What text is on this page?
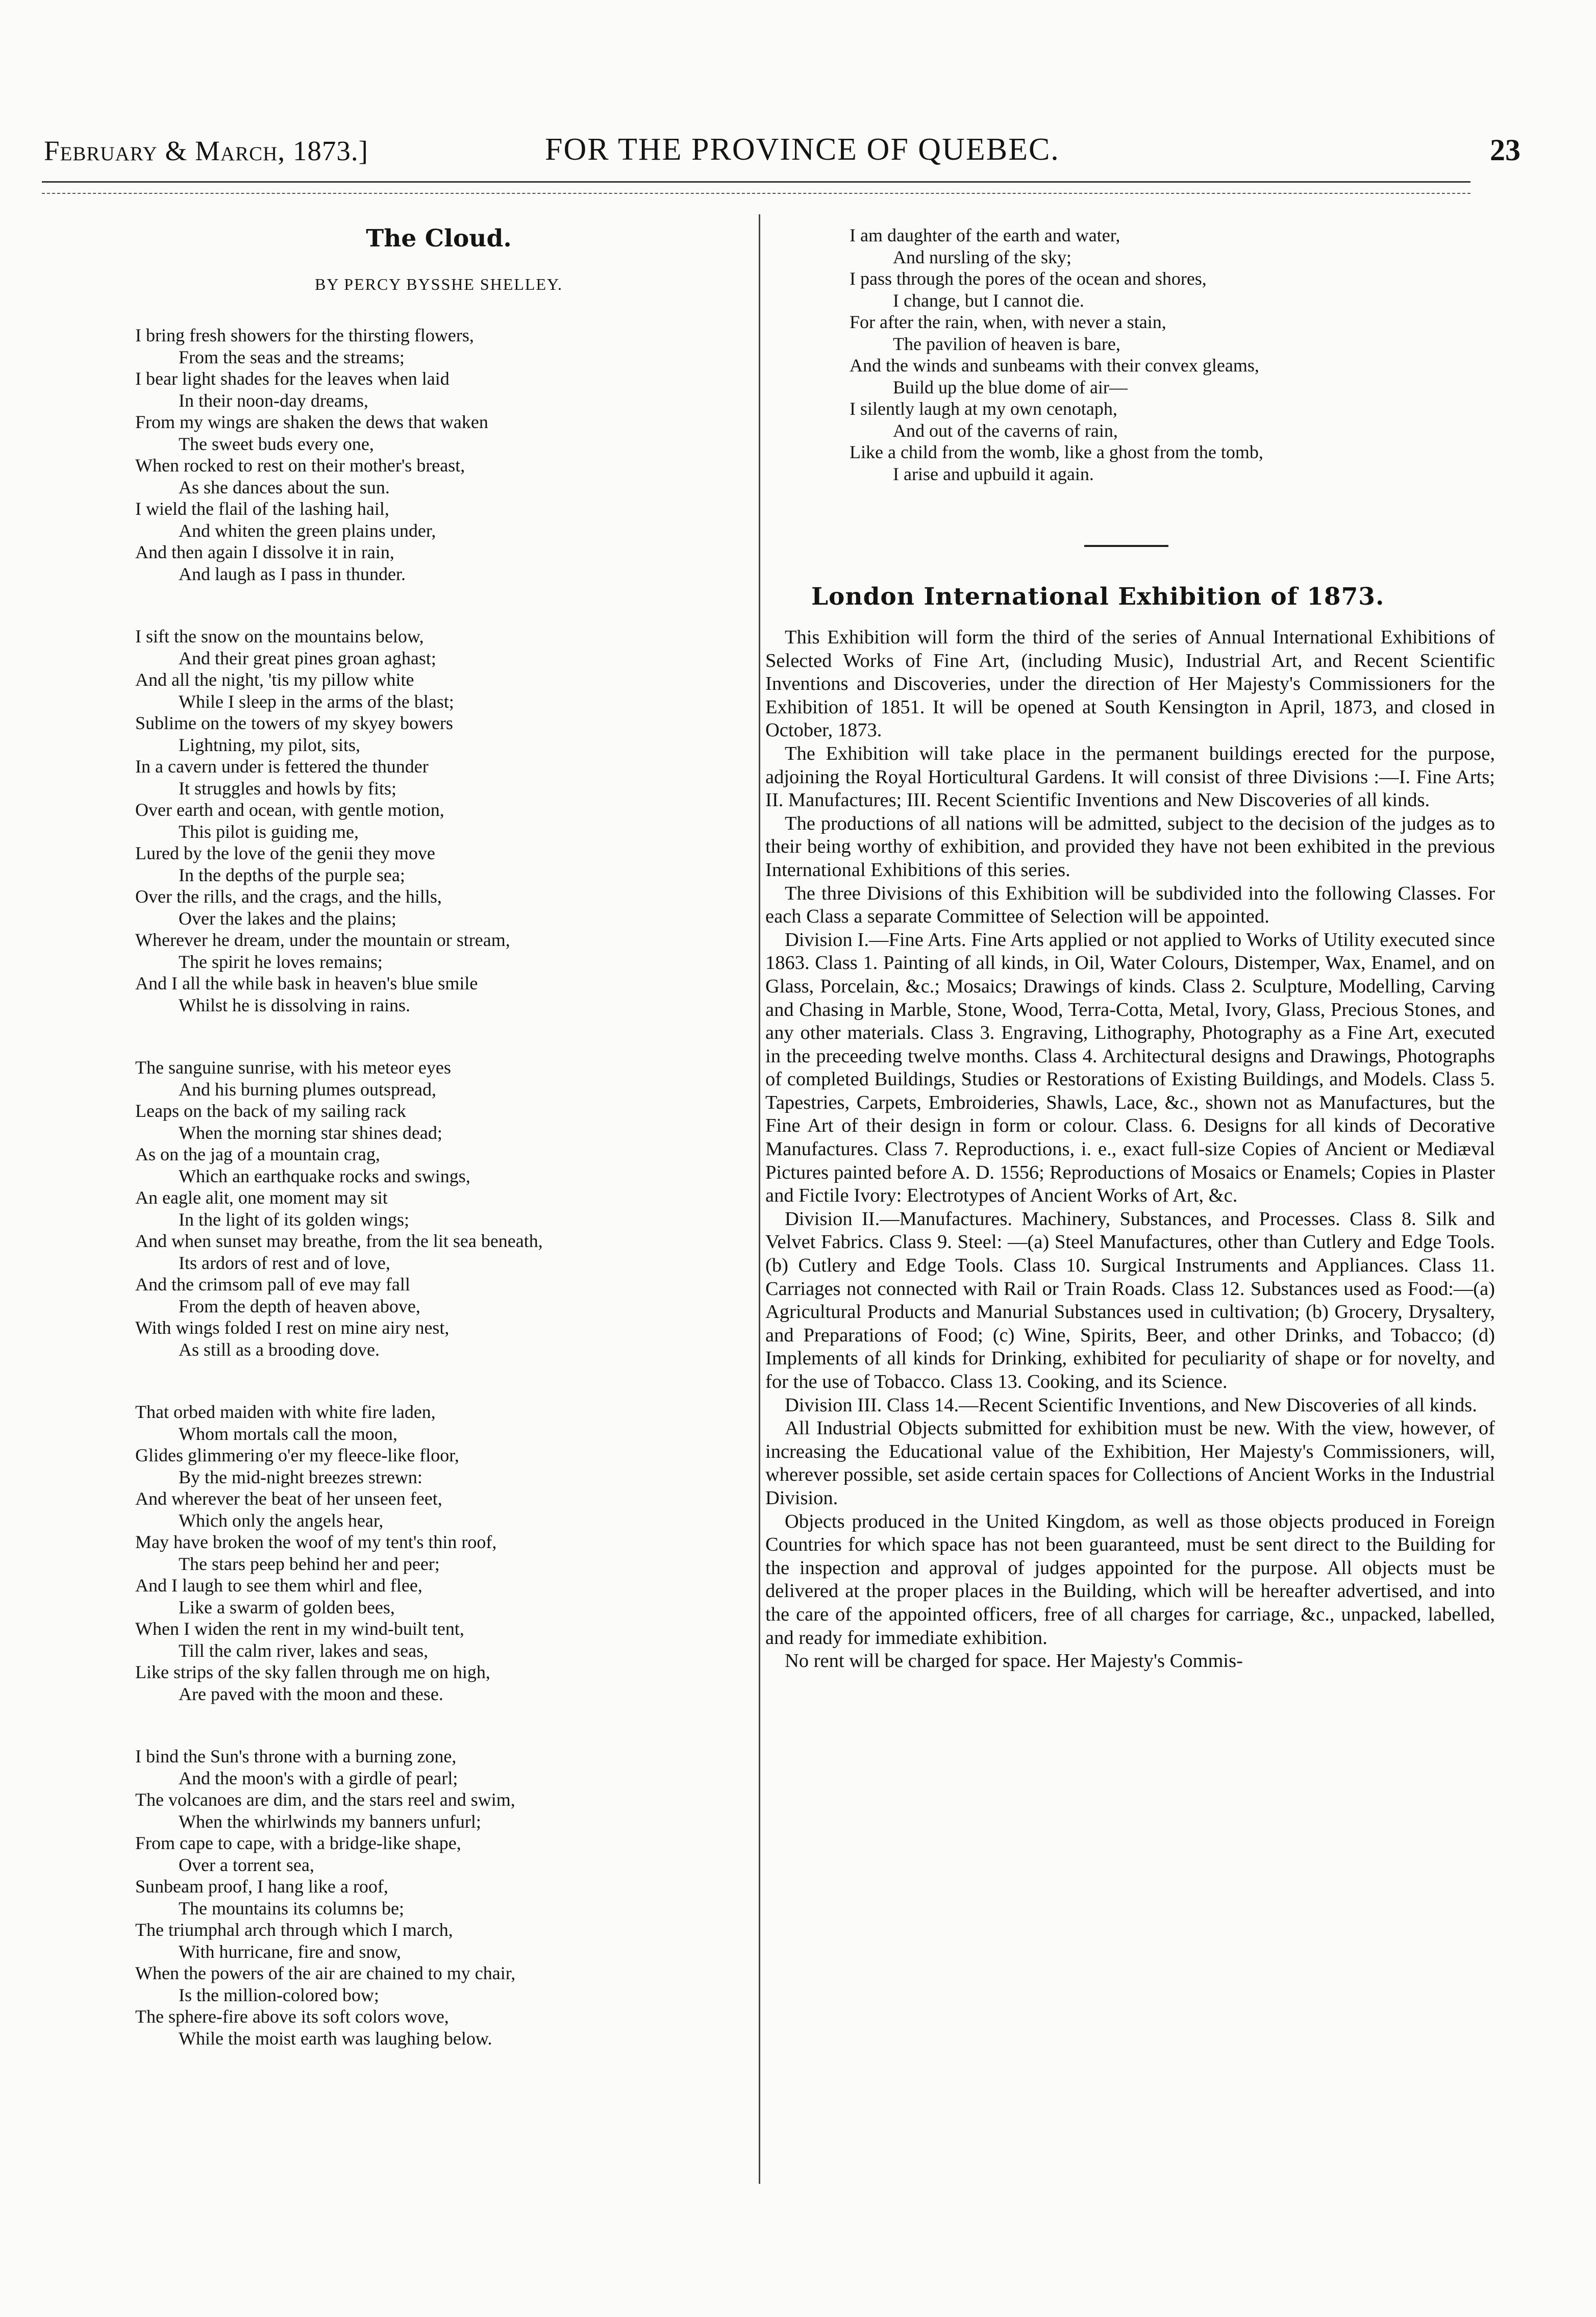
February & March, 1873.]	FOR THE PROVINCE OF QUEBEC.	23
The Cloud.
BY PERCY BYSSHE SHELLEY.
I bring fresh showers for the thirsting flowers,
From the seas and the streams;
I bear light shades for the leaves when laid
In their noon-day dreams,
From my wings are shaken the dews that waken
The sweet buds every one,
When rocked to rest on their mother's breast,
As she dances about the sun.
I wield the flail of the lashing hail,
And whiten the green plains under,
And then again I dissolve it in rain,
And laugh as I pass in thunder.
I sift the snow on the mountains below,
And their great pines groan aghast;
And all the night, 'tis my pillow white
While I sleep in the arms of the blast;
Sublime on the towers of my skyey bowers
Lightning, my pilot, sits,
In a cavern under is fettered the thunder
It struggles and howls by fits;
Over earth and ocean, with gentle motion,
This pilot is guiding me,
Lured by the love of the genii they move
In the depths of the purple sea;
Over the rills, and the crags, and the hills,
Over the lakes and the plains;
Wherever he dream, under the mountain or stream,
The spirit he loves remains;
And I all the while bask in heaven's blue smile
Whilst he is dissolving in rains.
The sanguine sunrise, with his meteor eyes
And his burning plumes outspread,
Leaps on the back of my sailing rack
When the morning star shines dead;
As on the jag of a mountain crag,
Which an earthquake rocks and swings,
An eagle alit, one moment may sit
In the light of its golden wings;
And when sunset may breathe, from the lit sea beneath,
Its ardors of rest and of love,
And the crimsom pall of eve may fall
From the depth of heaven above,
With wings folded I rest on mine airy nest,
As still as a brooding dove.
That orbed maiden with white fire laden,
Whom mortals call the moon,
Glides glimmering o'er my fleece-like floor,
By the mid-night breezes strewn:
And wherever the beat of her unseen feet,
Which only the angels hear,
May have broken the woof of my tent's thin roof,
The stars peep behind her and peer;
And I laugh to see them whirl and flee,
Like a swarm of golden bees,
When I widen the rent in my wind-built tent,
Till the calm river, lakes and seas,
Like strips of the sky fallen through me on high,
Are paved with the moon and these.
I bind the Sun's throne with a burning zone,
And the moon's with a girdle of pearl;
The volcanoes are dim, and the stars reel and swim,
When the whirlwinds my banners unfurl;
From cape to cape, with a bridge-like shape,
Over a torrent sea,
Sunbeam proof, I hang like a roof,
The mountains its columns be;
The triumphal arch through which I march,
With hurricane, fire and snow,
When the powers of the air are chained to my chair,
Is the million-colored bow;
The sphere-fire above its soft colors wove,
While the moist earth was laughing below.
I am daughter of the earth and water,
And nursling of the sky;
I pass through the pores of the ocean and shores,
I change, but I cannot die.
For after the rain, when, with never a stain,
The pavilion of heaven is bare,
And the winds and sunbeams with their convex gleams,
Build up the blue dome of air—
I silently laugh at my own cenotaph,
And out of the caverns of rain,
Like a child from the womb, like a ghost from the tomb,
I arise and upbuild it again.
London International Exhibition of 1873.

This Exhibition will form the third of the series of Annual International Exhibitions of Selected Works of Fine Art, (including Music), Industrial Art, and Recent Scientific Inventions and Discoveries, under the direction of Her Majesty's Commissioners for the Exhibition of 1851. It will be opened at South Kensington in April, 1873, and closed in October, 1873.

The Exhibition will take place in the permanent buildings erected for the purpose, adjoining the Royal Horticultural Gardens. It will consist of three Divisions :—I. Fine Arts; II. Manufactures; III. Recent Scientific Inventions and New Discoveries of all kinds.

The productions of all nations will be admitted, subject to the decision of the judges as to their being worthy of exhibition, and provided they have not been exhibited in the previous International Exhibitions of this series.

The three Divisions of this Exhibition will be subdivided into the following Classes. For each Class a separate Committee of Selection will be appointed.

Division I.—Fine Arts. Fine Arts applied or not applied to Works of Utility executed since 1863. Class 1. Painting of all kinds, in Oil, Water Colours, Distemper, Wax, Enamel, and on Glass, Porcelain, &c.; Mosaics; Drawings of kinds. Class 2. Sculpture, Modelling, Carving and Chasing in Marble, Stone, Wood, Terra-Cotta, Metal, Ivory, Glass, Precious Stones, and any other materials. Class 3. Engraving, Lithography, Photography as a Fine Art, executed in the preceeding twelve months. Class 4. Architectural designs and Drawings, Photographs of completed Buildings, Studies or Restorations of Existing Buildings, and Models. Class 5. Tapestries, Carpets, Embroideries, Shawls, Lace, &c., shown not as Manufactures, but the Fine Art of their design in form or colour. Class. 6. Designs for all kinds of Decorative Manufactures. Class 7. Reproductions, i. e., exact full-size Copies of Ancient or Mediæval Pictures painted before A. D. 1556; Reproductions of Mosaics or Enamels; Copies in Plaster and Fictile Ivory: Electrotypes of Ancient Works of Art, &c.

Division II.—Manufactures. Machinery, Substances, and Processes. Class 8. Silk and Velvet Fabrics. Class 9. Steel: —(a) Steel Manufactures, other than Cutlery and Edge Tools. (b) Cutlery and Edge Tools. Class 10. Surgical Instruments and Appliances. Class 11. Carriages not connected with Rail or Train Roads. Class 12. Substances used as Food:—(a) Agricultural Products and Manurial Substances used in cultivation; (b) Grocery, Drysaltery, and Preparations of Food; (c) Wine, Spirits, Beer, and other Drinks, and Tobacco; (d) Implements of all kinds for Drinking, exhibited for peculiarity of shape or for novelty, and for the use of Tobacco. Class 13. Cooking, and its Science.

Division III. Class 14.—Recent Scientific Inventions, and New Discoveries of all kinds.

All Industrial Objects submitted for exhibition must be new. With the view, however, of increasing the Educational value of the Exhibition, Her Majesty's Commissioners, will, wherever possible, set aside certain spaces for Collections of Ancient Works in the Industrial Division.

Objects produced in the United Kingdom, as well as those objects produced in Foreign Countries for which space has not been guaranteed, must be sent direct to the Building for the inspection and approval of judges appointed for the purpose. All objects must be delivered at the proper places in the Building, which will be hereafter advertised, and into the care of the appointed officers, free of all charges for carriage, &c., unpacked, labelled, and ready for immediate exhibition.

No rent will be charged for space. Her Majesty's Commis-
